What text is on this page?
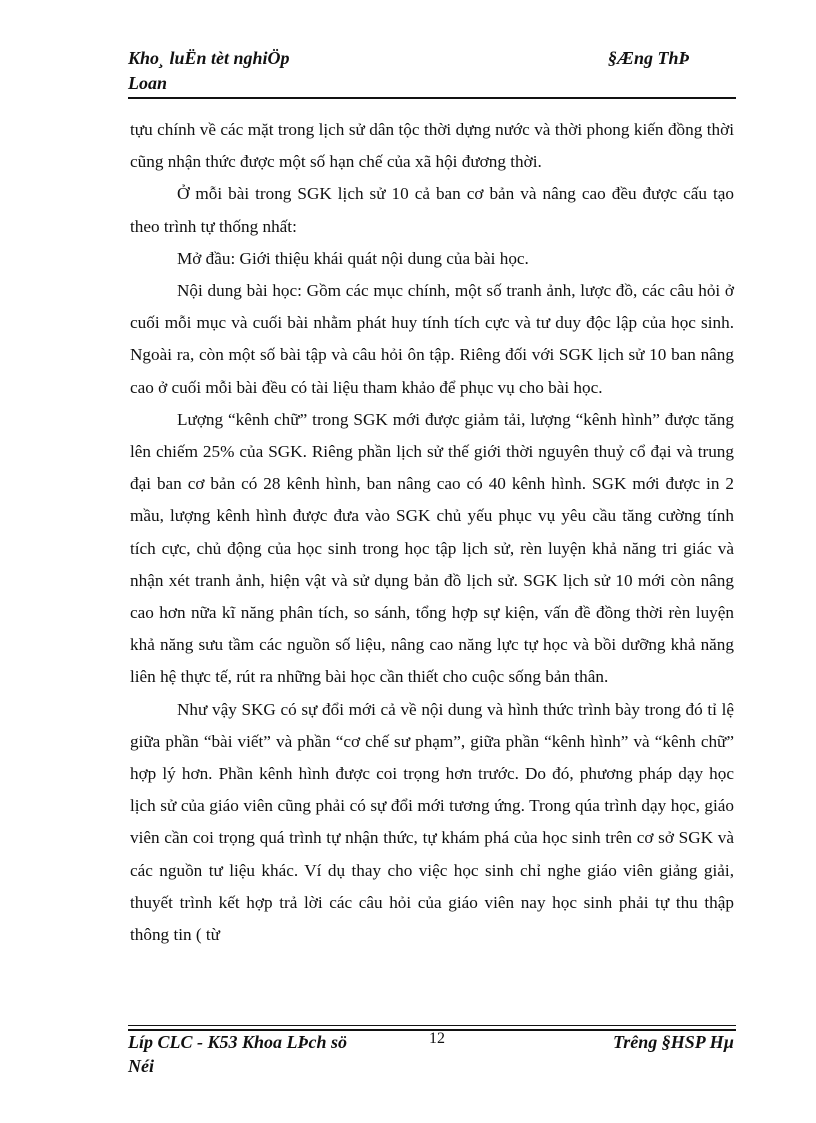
Kho¸ luËn tèt nghiÖp	§Æng ThÞ
Loan

tựu chính về các mặt trong lịch sử dân tộc thời dựng nước và thời phong kiến đồng thời cũng nhận thức được một số hạn chế của xã hội đương thời.

Ở mỗi bài trong SGK lịch sử 10 cả ban cơ bản và nâng cao đều được cấu tạo theo trình tự thống nhất:

Mở đầu: Giới thiệu khái quát nội dung của bài học.

Nội dung bài học: Gồm các mục chính, một số tranh ảnh, lược đồ, các câu hỏi ở cuối mỗi mục và cuối bài nhằm phát huy tính tích cực và tư duy độc lập của học sinh. Ngoài ra, còn một số bài tập và câu hỏi ôn tập. Riêng đối với SGK lịch sử 10 ban nâng cao ở cuối mỗi bài đều có tài liệu tham khảo để phục vụ cho bài học.

Lượng “kênh chữ” trong SGK mới được giảm tải, lượng “kênh hình” được tăng lên chiếm 25% của SGK. Riêng phần lịch sử thế giới thời nguyên thuỷ cổ đại và trung đại ban cơ bản có 28 kênh hình, ban nâng cao có 40 kênh hình. SGK mới được in 2 mầu, lượng kênh hình được đưa vào SGK chủ yếu phục vụ yêu cầu tăng cường tính tích cực, chủ động của học sinh trong học tập lịch sử, rèn luyện khả năng tri giác và nhận xét tranh ảnh, hiện vật và sử dụng bản đồ lịch sử. SGK lịch sử 10 mới còn nâng cao hơn nữa kĩ năng phân tích, so sánh, tổng hợp sự kiện, vấn đề đồng thời rèn luyện khả năng sưu tầm các nguồn số liệu, nâng cao năng lực tự học và bồi dưỡng khả năng liên hệ thực tế, rút ra những bài học cần thiết cho cuộc sống bản thân.

Như vậy SKG có sự đổi mới cả về nội dung và hình thức trình bày trong đó tỉ lệ giữa phần “bài viết” và phần “cơ chế sư phạm”, giữa phần “kênh hình” và “kênh chữ” hợp lý hơn. Phần kênh hình được coi trọng hơn trước. Do đó, phương pháp dạy học lịch sử của giáo viên cũng phải có sự đổi mới tương ứng. Trong qúa trình dạy học, giáo viên cần coi trọng quá trình tự nhận thức, tự khám phá của học sinh trên cơ sở SGK và các nguồn tư liệu khác. Ví dụ thay cho việc học sinh chỉ nghe giáo viên giảng giải, thuyết trình kết hợp trả lời các câu hỏi của giáo viên nay học sinh phải tự thu thập thông tin ( từ

Líp CLC - K53 Khoa LÞch sö
Néi
12	Trêng §HSP Hµ
